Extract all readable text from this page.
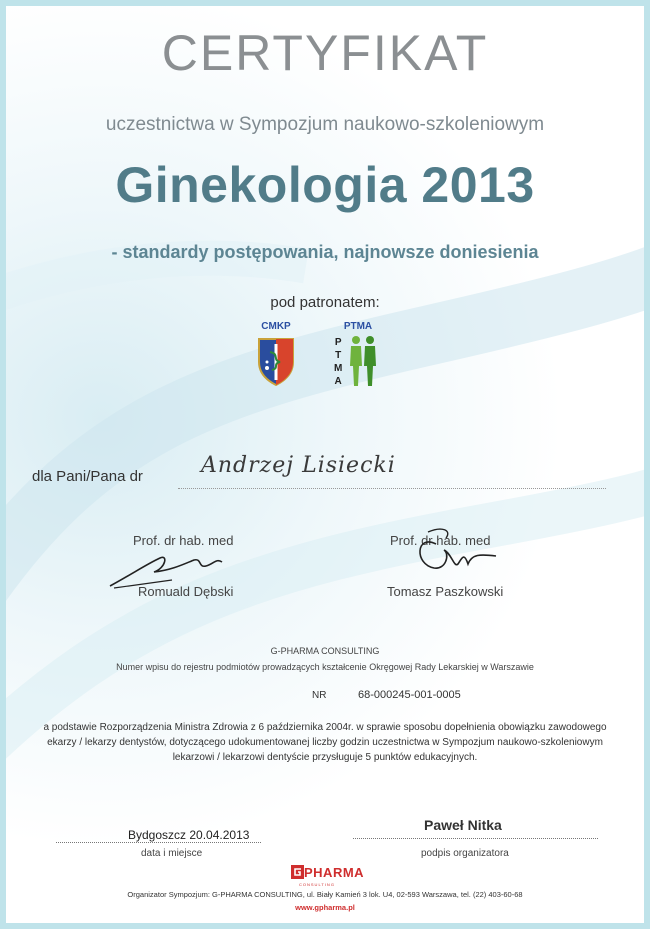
CERTYFIKAT
uczestnictwa w Sympozjum naukowo-szkoleniowym
Ginekologia 2013
- standardy postępowania, najnowsze doniesienia
pod patronatem:
CMKP	PTMA
P
T
M
A
dla Pani/Pana dr	Andrzej Lisiecki
Prof. dr hab. med
Romuald Dębski
Prof. dr hab. med
Tomasz Paszkowski
G-PHARMA CONSULTING
Numer wpisu do rejestru podmiotów prowadzących kształcenie Okręgowej Rady Lekarskiej w Warszawie
NR	68-000245-001-0005
a podstawie Rozporządzenia Ministra Zdrowia z 6 października 2004r. w sprawie sposobu dopełnienia obowiązku zawodowego
ekarzy / lekarzy dentystów, dotyczącego udokumentowanej liczby godzin uczestnictwa w Sympozjum naukowo-szkoleniowym
lekarzowi / lekarzowi dentyście przysługuje 5 punktów edukacyjnych.
Bydgoszcz 20.04.2013
data i miejsce
Paweł Nitka
podpis organizatora
PHARMA
CONSULTING
Organizator Sympozjum: G-PHARMA CONSULTING, ul. Biały Kamień 3 lok. U4, 02-593 Warszawa, tel. (22) 403-60-68
www.gpharma.pl
